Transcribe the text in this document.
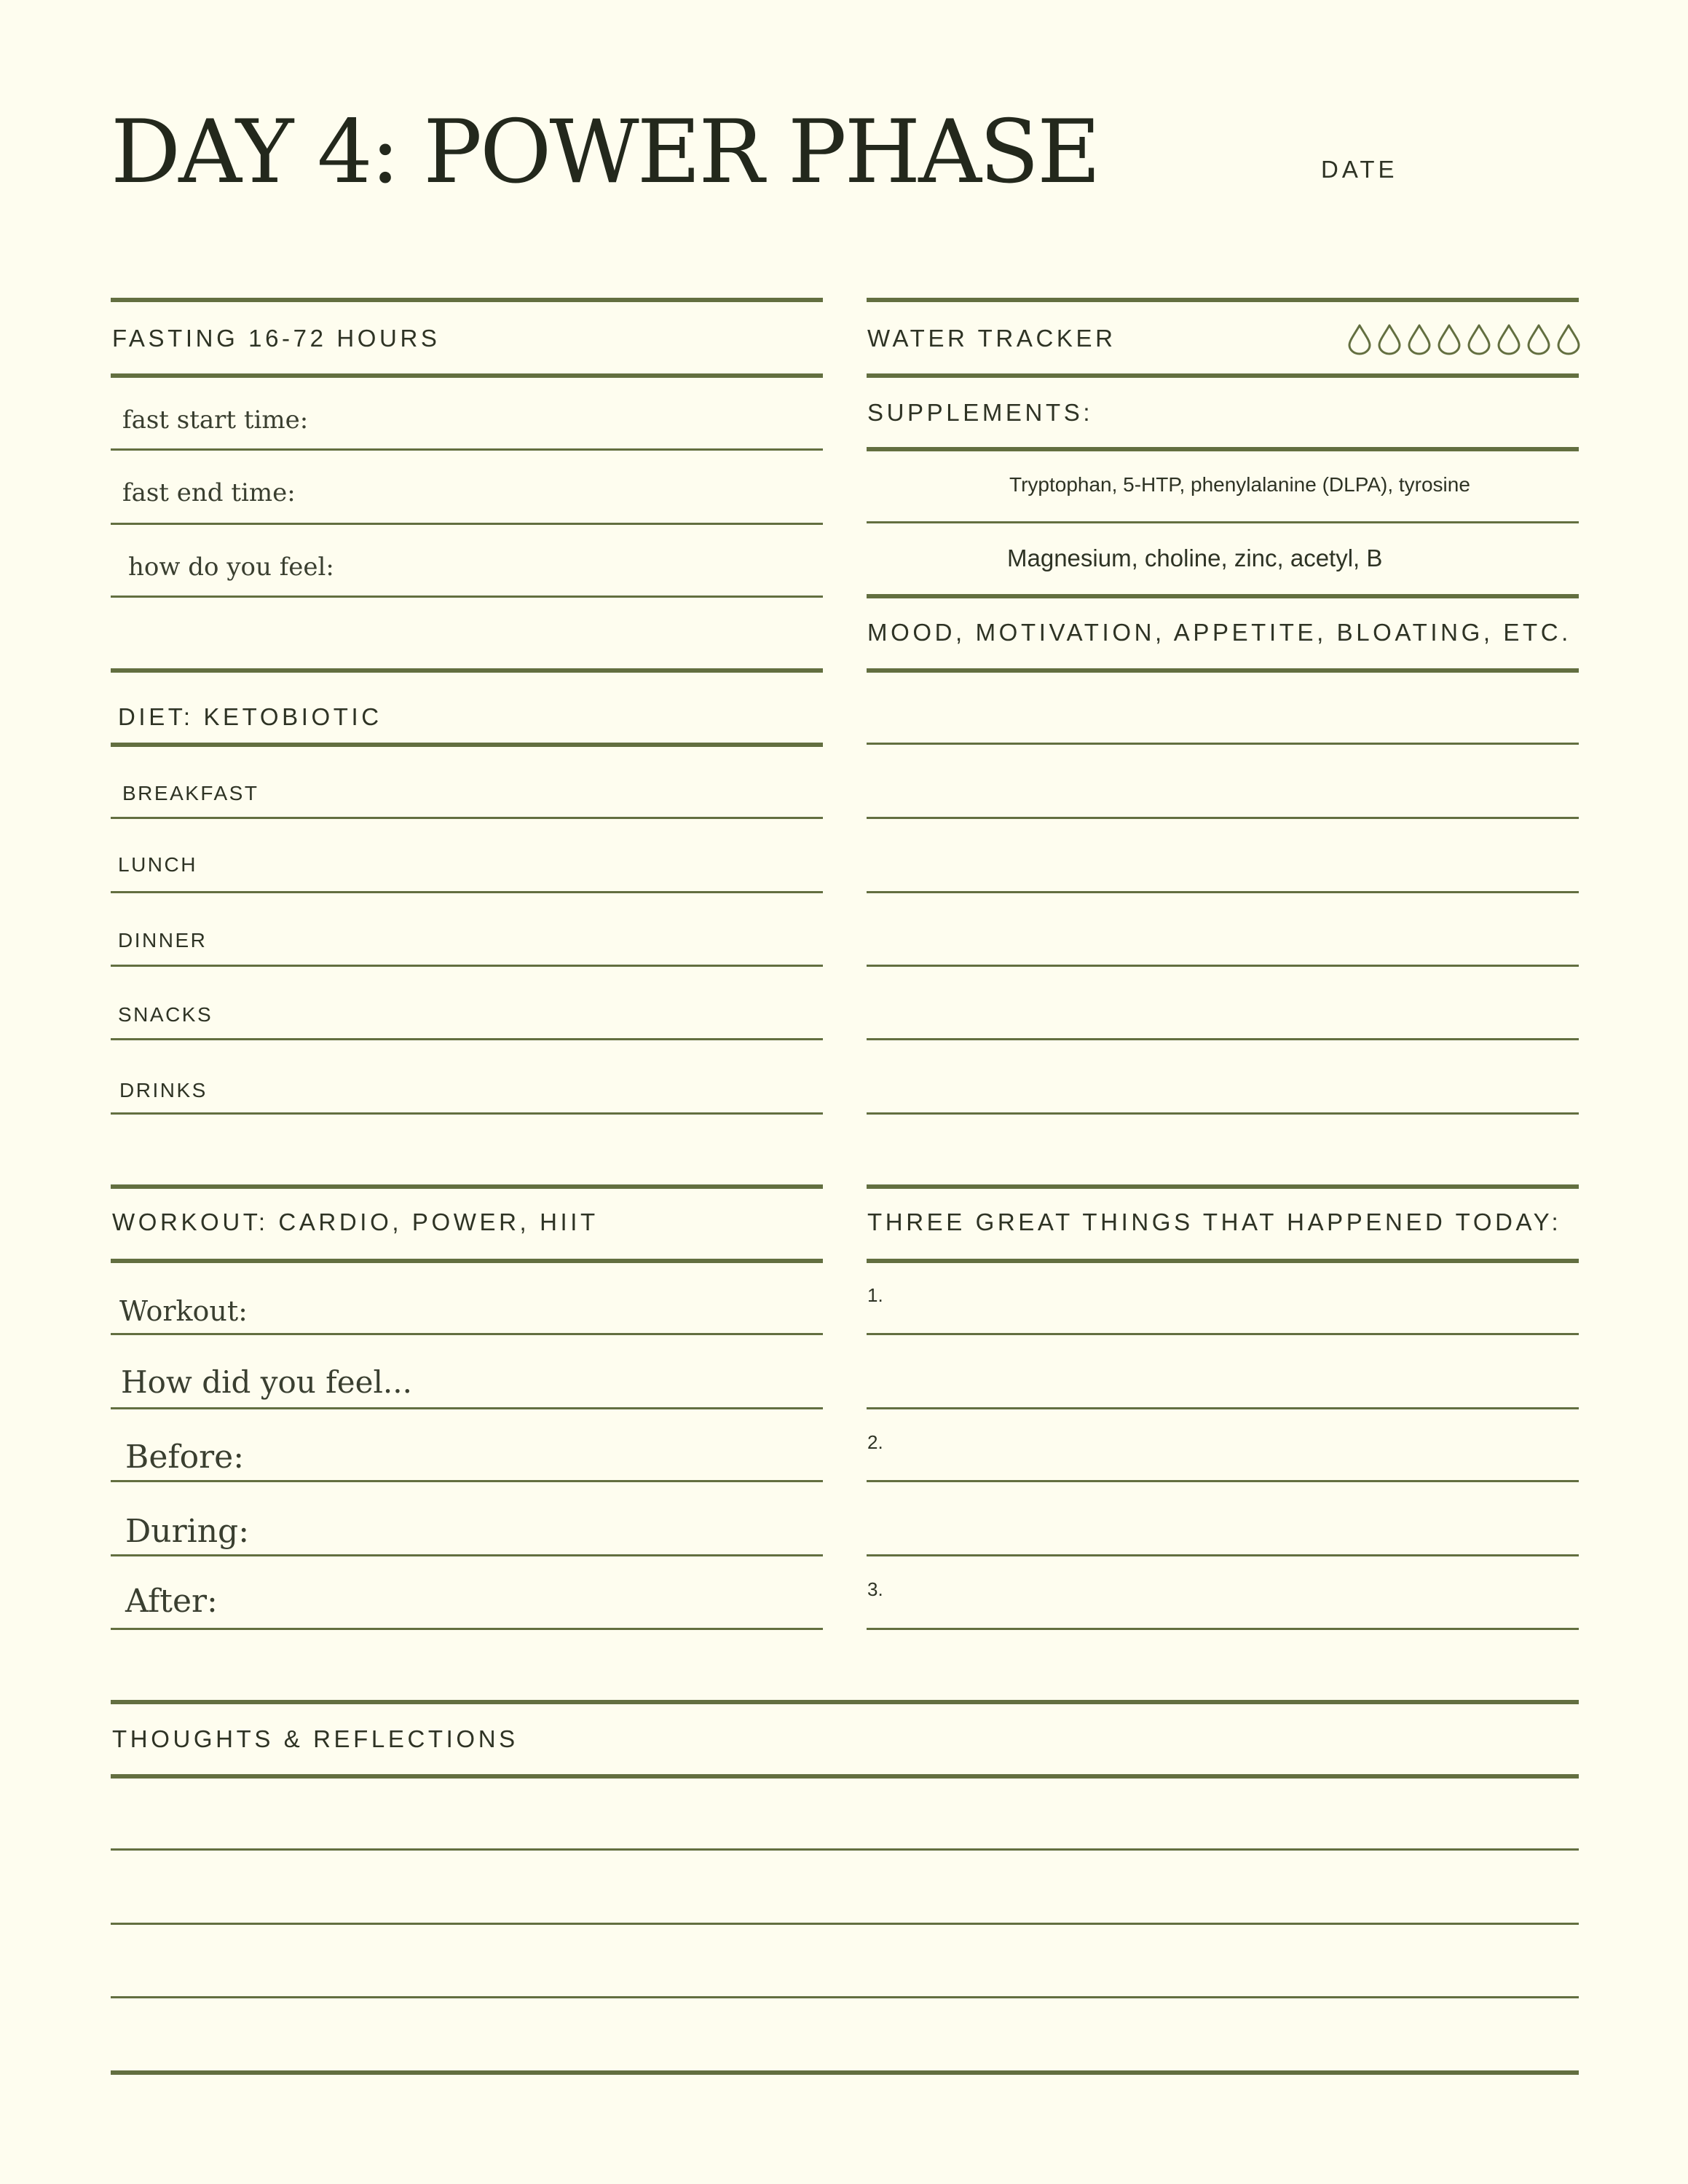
DAY 4: POWER PHASE	DATE
FASTING 16-72 HOURS
fast start time:
fast end time:
how do you feel:
DIET: KETOBIOTIC
BREAKFAST
LUNCH
DINNER
SNACKS
DRINKS
WORKOUT: CARDIO, POWER, HIIT
Workout:
How did you feel...
Before:
During:
After:
WATER TRACKER
SUPPLEMENTS:
Tryptophan, 5-HTP, phenylalanine (DLPA), tyrosine
Magnesium, choline, zinc, acetyl, B
MOOD, MOTIVATION, APPETITE, BLOATING, ETC.
THREE GREAT THINGS THAT HAPPENED TODAY:
1.
2.
3.
THOUGHTS & REFLECTIONS
